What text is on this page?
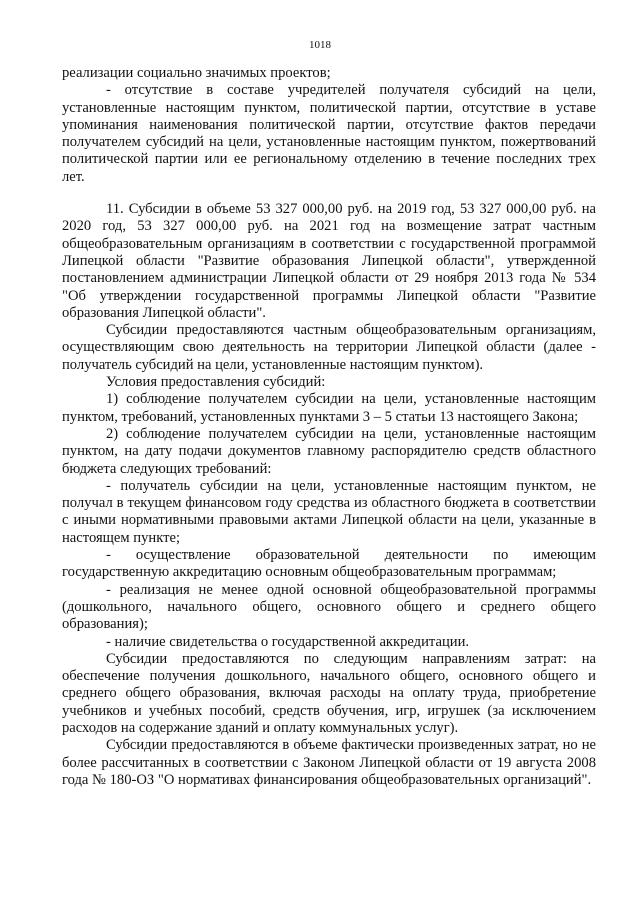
1018

реализации социально значимых проектов;

- отсутствие в составе учредителей получателя субсидий на цели, установленные настоящим пунктом, политической партии, отсутствие в уставе упоминания наименования политической партии, отсутствие фактов передачи получателем субсидий на цели, установленные настоящим пунктом, пожертвований политической партии или ее региональному отделению в течение последних трех лет.

11. Субсидии в объеме 53 327 000,00 руб. на 2019 год, 53 327 000,00 руб. на 2020 год, 53 327 000,00 руб. на 2021 год на возмещение затрат частным общеобразовательным организациям в соответствии с государственной программой Липецкой области "Развитие образования Липецкой области", утвержденной постановлением администрации Липецкой области от 29 ноября 2013 года № 534 "Об утверждении государственной программы Липецкой области "Развитие образования Липецкой области".

Субсидии предоставляются частным общеобразовательным организациям, осуществляющим свою деятельность на территории Липецкой области (далее - получатель субсидий на цели, установленные настоящим пунктом).

Условия предоставления субсидий:

1) соблюдение получателем субсидии на цели, установленные настоящим пунктом, требований, установленных пунктами 3 – 5 статьи 13 настоящего Закона;

2) соблюдение получателем субсидии на цели, установленные настоящим пунктом, на дату подачи документов главному распорядителю средств областного бюджета следующих требований:

- получатель субсидии на цели, установленные настоящим пунктом, не получал в текущем финансовом году средства из областного бюджета в соответствии с иными нормативными правовыми актами Липецкой области на цели, указанные в настоящем пункте;

- осуществление образовательной деятельности по имеющим государственную аккредитацию основным общеобразовательным программам;

- реализация не менее одной основной общеобразовательной программы (дошкольного, начального общего, основного общего и среднего общего образования);

- наличие свидетельства о государственной аккредитации.

Субсидии предоставляются по следующим направлениям затрат: на обеспечение получения дошкольного, начального общего, основного общего и среднего общего образования, включая расходы на оплату труда, приобретение учебников и учебных пособий, средств обучения, игр, игрушек (за исключением расходов на содержание зданий и оплату коммунальных услуг).

Субсидии предоставляются в объеме фактически произведенных затрат, но не более рассчитанных в соответствии с Законом Липецкой области от 19 августа 2008 года № 180-ОЗ "О нормативах финансирования общеобразовательных организаций".
